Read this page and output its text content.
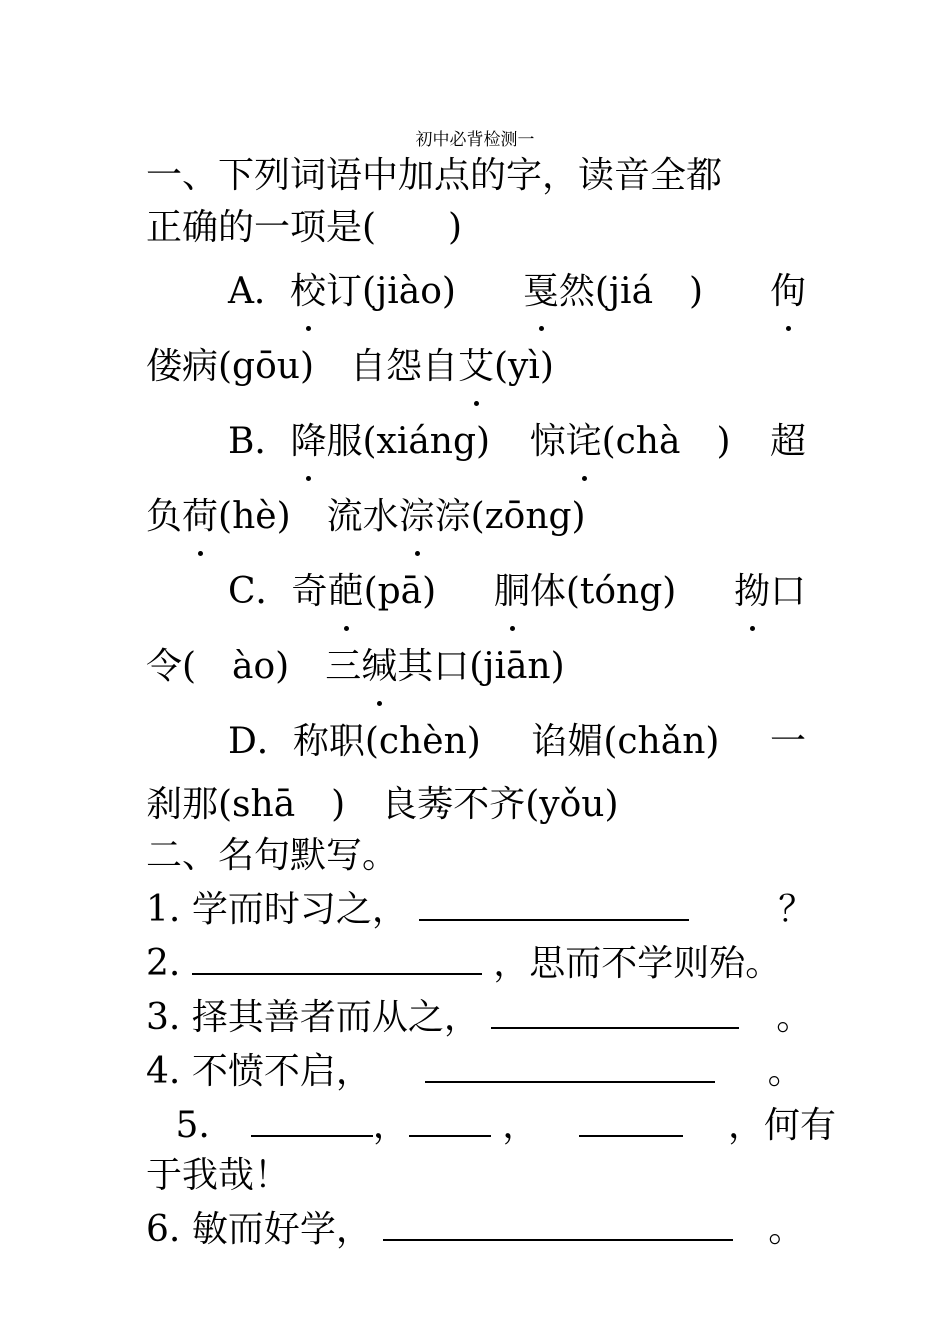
初中必背检测一
一、下列词语中加点的字，读音全都
正确的一项是(　　)
A．校订(jiào) 戛然(jiá　) 佝
偻病(gōu)　自怨自艾(yì)
B．降服(xiáng) 惊诧(chà　) 超
负荷(hè)　流水淙淙(zōng)
C．奇葩(pā) 胴体(tóng) 拗口
令(　ào)　三缄其口(jiān)
D．称职(chèn) 谄媚(chǎn) 一
刹那(shā　)　良莠不齐(yǒu)
二、名句默写。
1. 学而时习之，	？
2.	，思而不学则殆。
3. 择其善者而从之，	。
4. 不愤不启，	。
5.	，	，	，何有
于我哉！
6. 敏而好学，	。
